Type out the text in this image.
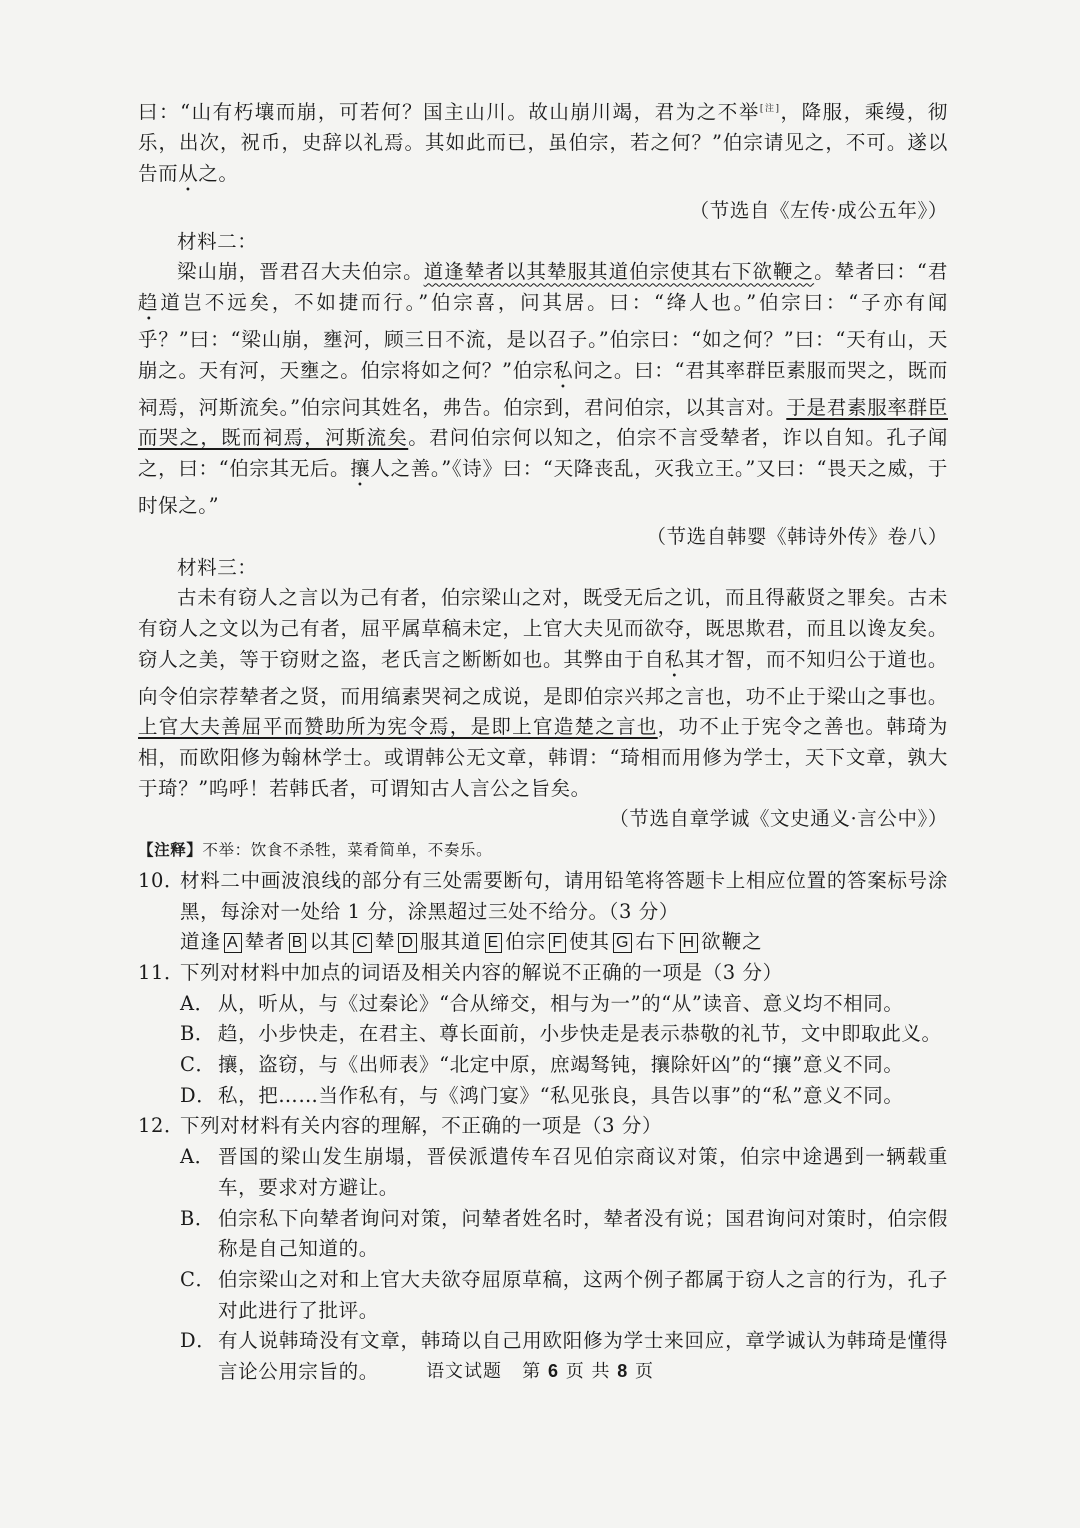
曰：“山有朽壤而崩，可若何？国主山川。故山崩川竭，君为之不举[注]，降服，乘缦，彻乐，出次，祝币，史辞以礼焉。其如此而已，虽伯宗，若之何？”伯宗请见之，不可。遂以告而从之。

（节选自《左传·成公五年》）

材料二：

梁山崩，晋君召大夫伯宗。道逢辇者以其辇服其道伯宗使其右下欲鞭之。辇者曰：“君趋道岂不远矣，不如捷而行。”伯宗喜，问其居。曰：“绛人也。”伯宗曰：“子亦有闻乎？”曰：“梁山崩，壅河，顾三日不流，是以召子。”伯宗曰：“如之何？”曰：“天有山，天崩之。天有河，天壅之。伯宗将如之何？”伯宗私问之。曰：“君其率群臣素服而哭之，既而祠焉，河斯流矣。”伯宗问其姓名，弗告。伯宗到，君问伯宗，以其言对。于是君素服率群臣而哭之，既而祠焉，河斯流矣。君问伯宗何以知之，伯宗不言受辇者，诈以自知。孔子闻之，曰：“伯宗其无后。攘人之善。”《诗》曰：“天降丧乱，灭我立王。”又曰：“畏天之威，于时保之。”

（节选自韩婴《韩诗外传》卷八）

材料三：

古未有窃人之言以为己有者，伯宗梁山之对，既受无后之讥，而且得蔽贤之罪矣。古未有窃人之文以为己有者，屈平属草稿未定，上官大夫见而欲夺，既思欺君，而且以谗友矣。窃人之美，等于窃财之盗，老氏言之断断如也。其弊由于自私其才智，而不知归公于道也。向令伯宗荐辇者之贤，而用缟素哭祠之成说，是即伯宗兴邦之言也，功不止于梁山之事也。上官大夫善屈平而赞助所为宪令焉，是即上官造楚之言也，功不止于宪令之善也。韩琦为相，而欧阳修为翰林学士。或谓韩公无文章，韩谓：“琦相而用修为学士，天下文章，孰大于琦？”呜呼！若韩氏者，可谓知古人言公之旨矣。

（节选自章学诚《文史通义·言公中》）

【注释】不举：饮食不杀牲，菜肴简单，不奏乐。

10．
材料二中画波浪线的部分有三处需要断句，请用铅笔将答题卡上相应位置的答案标号涂黑，每涂对一处给 1 分，涂黑超过三处不给分。（3 分）

道逢 A 辇者 B 以其 C 辇 D 服其道 E 伯宗 F 使其 G 右下 H 欲鞭之

11．
下列对材料中加点的词语及相关内容的解说不正确的一项是（3 分）
A． 从，听从，与《过秦论》“合从缔交，相与为一”的“从”读音、意义均不相同。
B． 趋，小步快走，在君主、尊长面前，小步快走是表示恭敬的礼节，文中即取此义。
C． 攘，盗窃，与《出师表》“北定中原，庶竭驽钝，攘除奸凶”的“攘”意义不同。
D． 私，把……当作私有，与《鸿门宴》“私见张良，具告以事”的“私”意义不同。
12．
下列对材料有关内容的理解，不正确的一项是（3 分）
A． 晋国的梁山发生崩塌，晋侯派遣传车召见伯宗商议对策，伯宗中途遇到一辆载重车，要求对方避让。
B． 伯宗私下向辇者询问对策，问辇者姓名时，辇者没有说；国君询问对策时，伯宗假称是自己知道的。
C． 伯宗梁山之对和上官大夫欲夺屈原草稿，这两个例子都属于窃人之言的行为，孔子对此进行了批评。
D． 有人说韩琦没有文章，韩琦以自己用欧阳修为学士来回应，章学诚认为韩琦是懂得言论公用宗旨的。	语文试题 第 6 页 共 8 页
